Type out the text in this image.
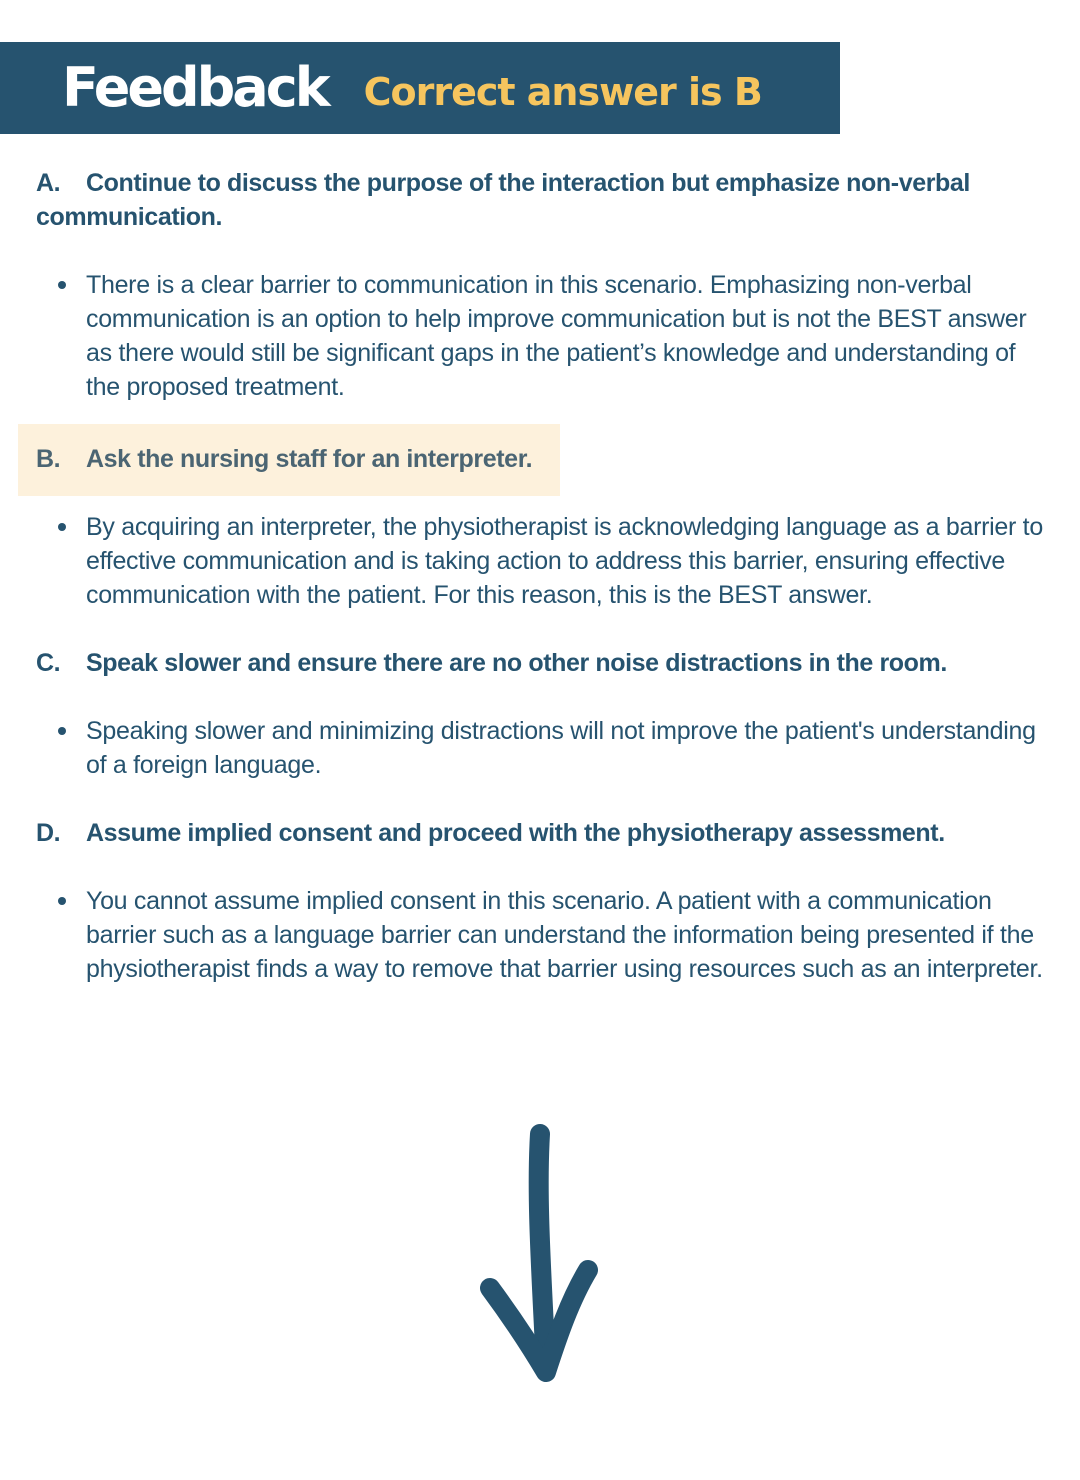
Feedback Correct answer is B

A. Continue to discuss the purpose of the interaction but emphasize non-verbal communication.

There is a clear barrier to communication in this scenario. Emphasizing non-verbal communication is an option to help improve communication but is not the BEST answer as there would still be significant gaps in the patient’s knowledge and understanding of the proposed treatment.

B. Ask the nursing staff for an interpreter.

By acquiring an interpreter, the physiotherapist is acknowledging language as a barrier to effective communication and is taking action to address this barrier, ensuring effective communication with the patient. For this reason, this is the BEST answer.

C. Speak slower and ensure there are no other noise distractions in the room.

Speaking slower and minimizing distractions will not improve the patient's understanding of a foreign language.

D. Assume implied consent and proceed with the physiotherapy assessment.

You cannot assume implied consent in this scenario. A patient with a communication barrier such as a language barrier can understand the information being presented if the physiotherapist finds a way to remove that barrier using resources such as an interpreter.
